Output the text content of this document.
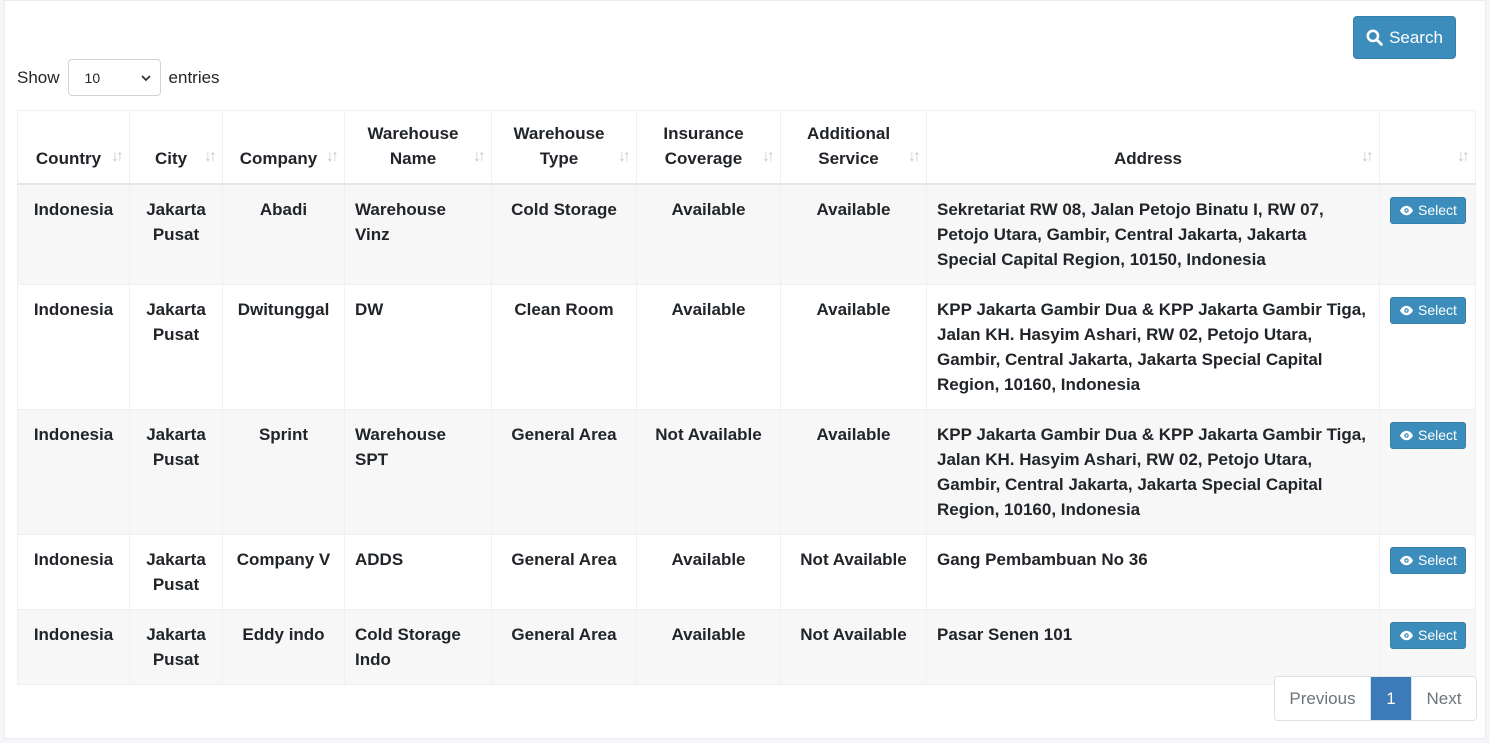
Search
Show 10	entries
Country ↓↑	City ↓↑	Company ↓↑	Warehouse Name ↓↑	Warehouse Type ↓↑	Insurance Coverage ↓↑	Additional Service ↓↑	Address ↓↑	↓↑

Indonesia	Jakarta Pusat	Abadi	Warehouse Vinz	Cold Storage	Available	Available	Sekretariat RW 08, Jalan Petojo Binatu I, RW 07, Petojo Utara, Gambir, Central Jakarta, Jakarta Special Capital Region, 10150, Indonesia	Select

Indonesia	Jakarta Pusat	Dwitunggal	DW	Clean Room	Available	Available	KPP Jakarta Gambir Dua & KPP Jakarta Gambir Tiga, Jalan KH. Hasyim Ashari, RW 02, Petojo Utara, Gambir, Central Jakarta, Jakarta Special Capital Region, 10160, Indonesia	Select

Indonesia	Jakarta Pusat	Sprint	Warehouse SPT	General Area	Not Available	Available	KPP Jakarta Gambir Dua & KPP Jakarta Gambir Tiga, Jalan KH. Hasyim Ashari, RW 02, Petojo Utara, Gambir, Central Jakarta, Jakarta Special Capital Region, 10160, Indonesia	Select

Indonesia	Jakarta Pusat	Company V	ADDS	General Area	Available	Not Available	Gang Pembambuan No 36	Select

Indonesia	Jakarta Pusat	Eddy indo	Cold Storage Indo	General Area	Available	Not Available	Pasar Senen 101	Select
Previous	1	Next
